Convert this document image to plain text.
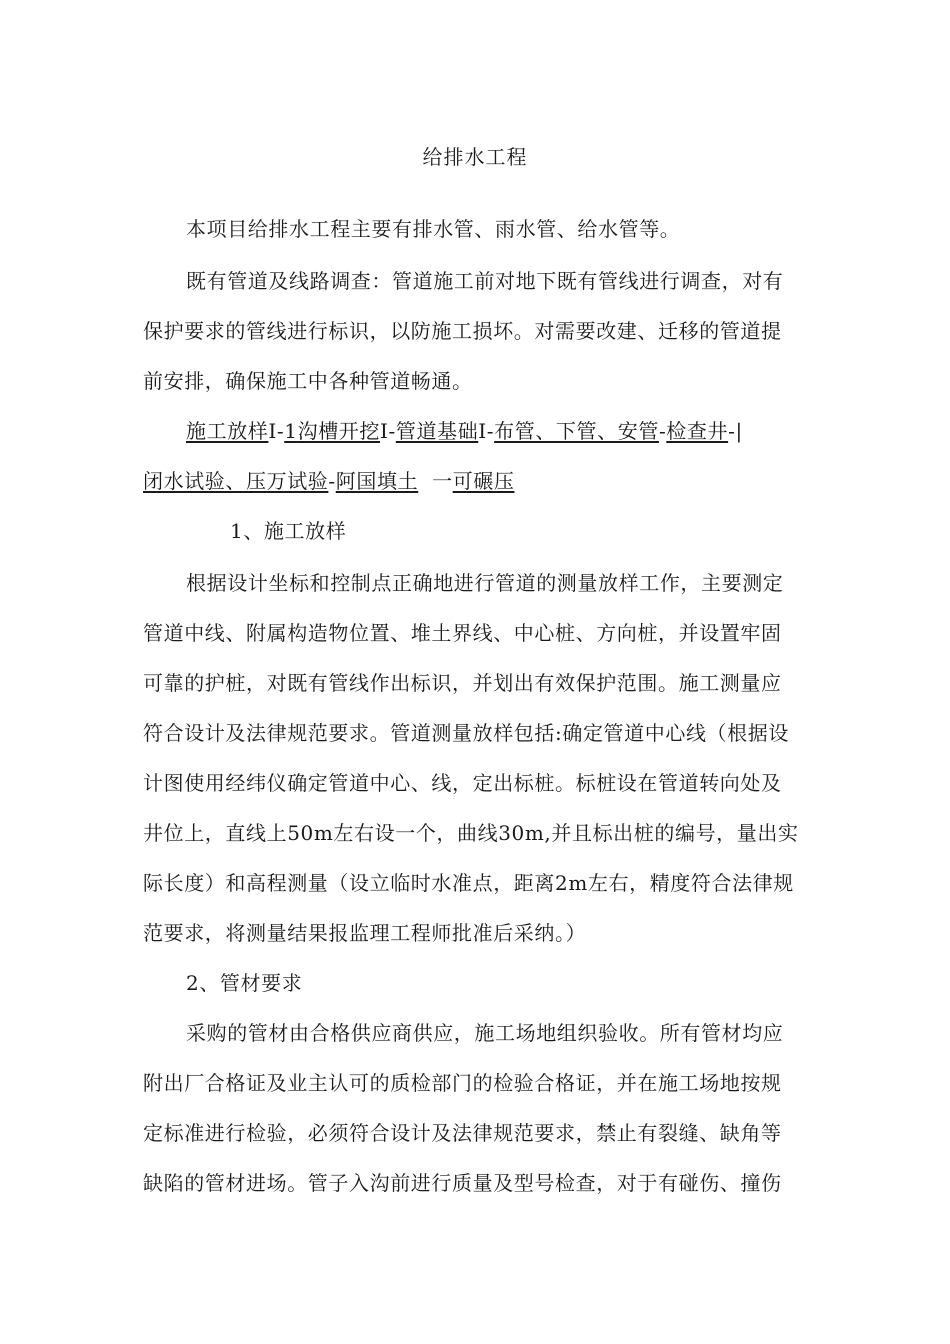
给排水工程
本项目给排水工程主要有排水管、雨水管、给水管等。
既有管道及线路调查：管道施工前对地下既有管线进行调查，对有
保护要求的管线进行标识，以防施工损坏。对需要改建、迁移的管道提
前安排，确保施工中各种管道畅通。
施工放样I-1沟槽开挖I-管道基础I-布管、下管、安管-检查井-|
闭水试验、压万试验-阿国填土  一可碾压
1、施工放样
根据设计坐标和控制点正确地进行管道的测量放样工作，主要测定
管道中线、附属构造物位置、堆土界线、中心桩、方向桩，并设置牢固
可靠的护桩，对既有管线作出标识，并划出有效保护范围。施工测量应
符合设计及法律规范要求。管道测量放样包括:确定管道中心线（根据设
计图使用经纬仪确定管道中心、线，定出标桩。标桩设在管道转向处及
井位上，直线上50m左右设一个，曲线30m,并且标出桩的编号，量出实
际长度）和高程测量（设立临时水准点，距离2m左右，精度符合法律规
范要求，将测量结果报监理工程师批准后采纳。）
2、管材要求
采购的管材由合格供应商供应，施工场地组织验收。所有管材均应
附出厂合格证及业主认可的质检部门的检验合格证，并在施工场地按规
定标准进行检验，必须符合设计及法律规范要求，禁止有裂缝、缺角等
缺陷的管材进场。管子入沟前进行质量及型号检查，对于有碰伤、撞伤
